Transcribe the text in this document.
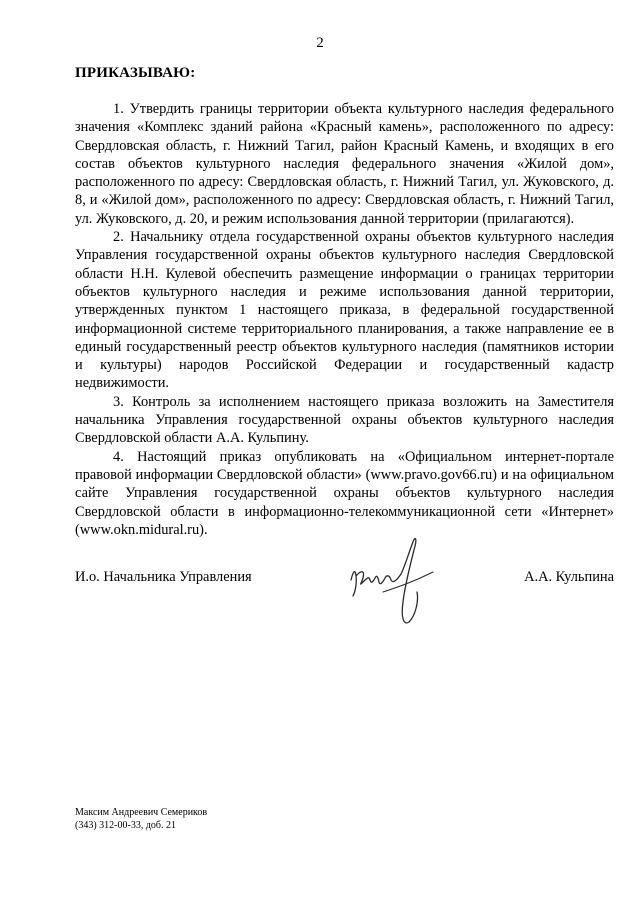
2
ПРИКАЗЫВАЮ:

1. Утвердить границы территории объекта культурного наследия федерального значения «Комплекс зданий района «Красный камень», расположенного по адресу: Свердловская область, г. Нижний Тагил, район Красный Камень, и входящих в его состав объектов культурного наследия федерального значения «Жилой дом», расположенного по адресу: Свердловская область, г. Нижний Тагил, ул. Жуковского, д. 8, и «Жилой дом», расположенного по адресу: Свердловская область, г. Нижний Тагил, ул. Жуковского, д. 20, и режим использования данной территории (прилагаются).

2. Начальнику отдела государственной охраны объектов культурного наследия Управления государственной охраны объектов культурного наследия Свердловской области Н.Н. Кулевой обеспечить размещение информации о границах территории объектов культурного наследия и режиме использования данной территории, утвержденных пунктом 1 настоящего приказа, в федеральной государственной информационной системе территориального планирования, а также направление ее в единый государственный реестр объектов культурного наследия (памятников истории и культуры) народов Российской Федерации и государственный кадастр недвижимости.

3. Контроль за исполнением настоящего приказа возложить на Заместителя начальника Управления государственной охраны объектов культурного наследия Свердловской области А.А. Кульпину.

4. Настоящий приказ опубликовать на «Официальном интернет-портале правовой информации Свердловской области» (www.pravo.gov66.ru) и на официальном сайте Управления государственной охраны объектов культурного наследия Свердловской области в информационно-телекоммуникационной сети «Интернет» (www.okn.midural.ru).

И.о. Начальника Управления	А.А. Кульпина
Максим Андреевич Семериков
(343) 312-00-33, доб. 21
